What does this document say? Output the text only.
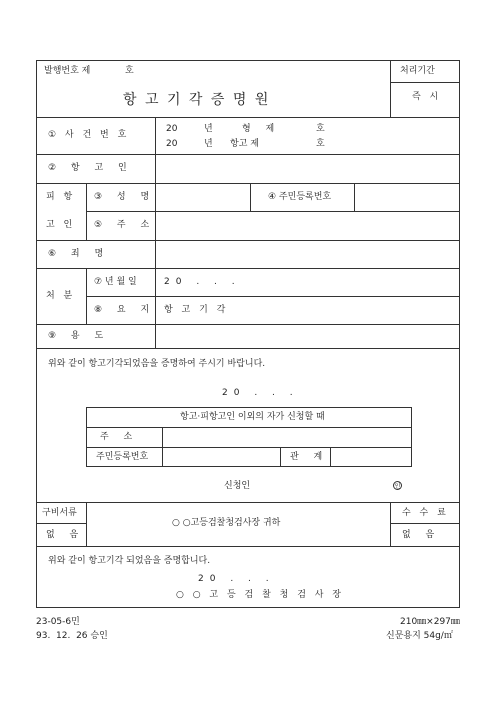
발행번호 제	호
항 고 기 각 증 명 원
처리기간
즉 시
① 사 건 번 호
20	년	형 제	호
20	년 항고 제	호
② 항 고 인
피 항
고 인
③ 성 명	④ 주민등록번호
⑤ 주 소
⑥ 죄 명
처 분
⑦ 년 월 일	20 . . .
⑧ 요 지 항 고 기 각
⑨ 용 도
위와 같이 항고기각되었음을 증명하여 주시기 바랍니다.
20 . . .
항고·피항고인 이외의 자가 신청할 때
주 소
주민등록번호	관 계
신청인	인
구비서류
없 음
○ ○고등검찰청검사장 귀하
수 수 료
없 음
위와 같이 항고기각 되었음을 증명합니다.
20 . . .
○ ○ 고 등 검 찰 청 검 사 장
23-05-6민	210㎜×297㎜
93.  12.  26 승인	신문용지 54g/㎡
